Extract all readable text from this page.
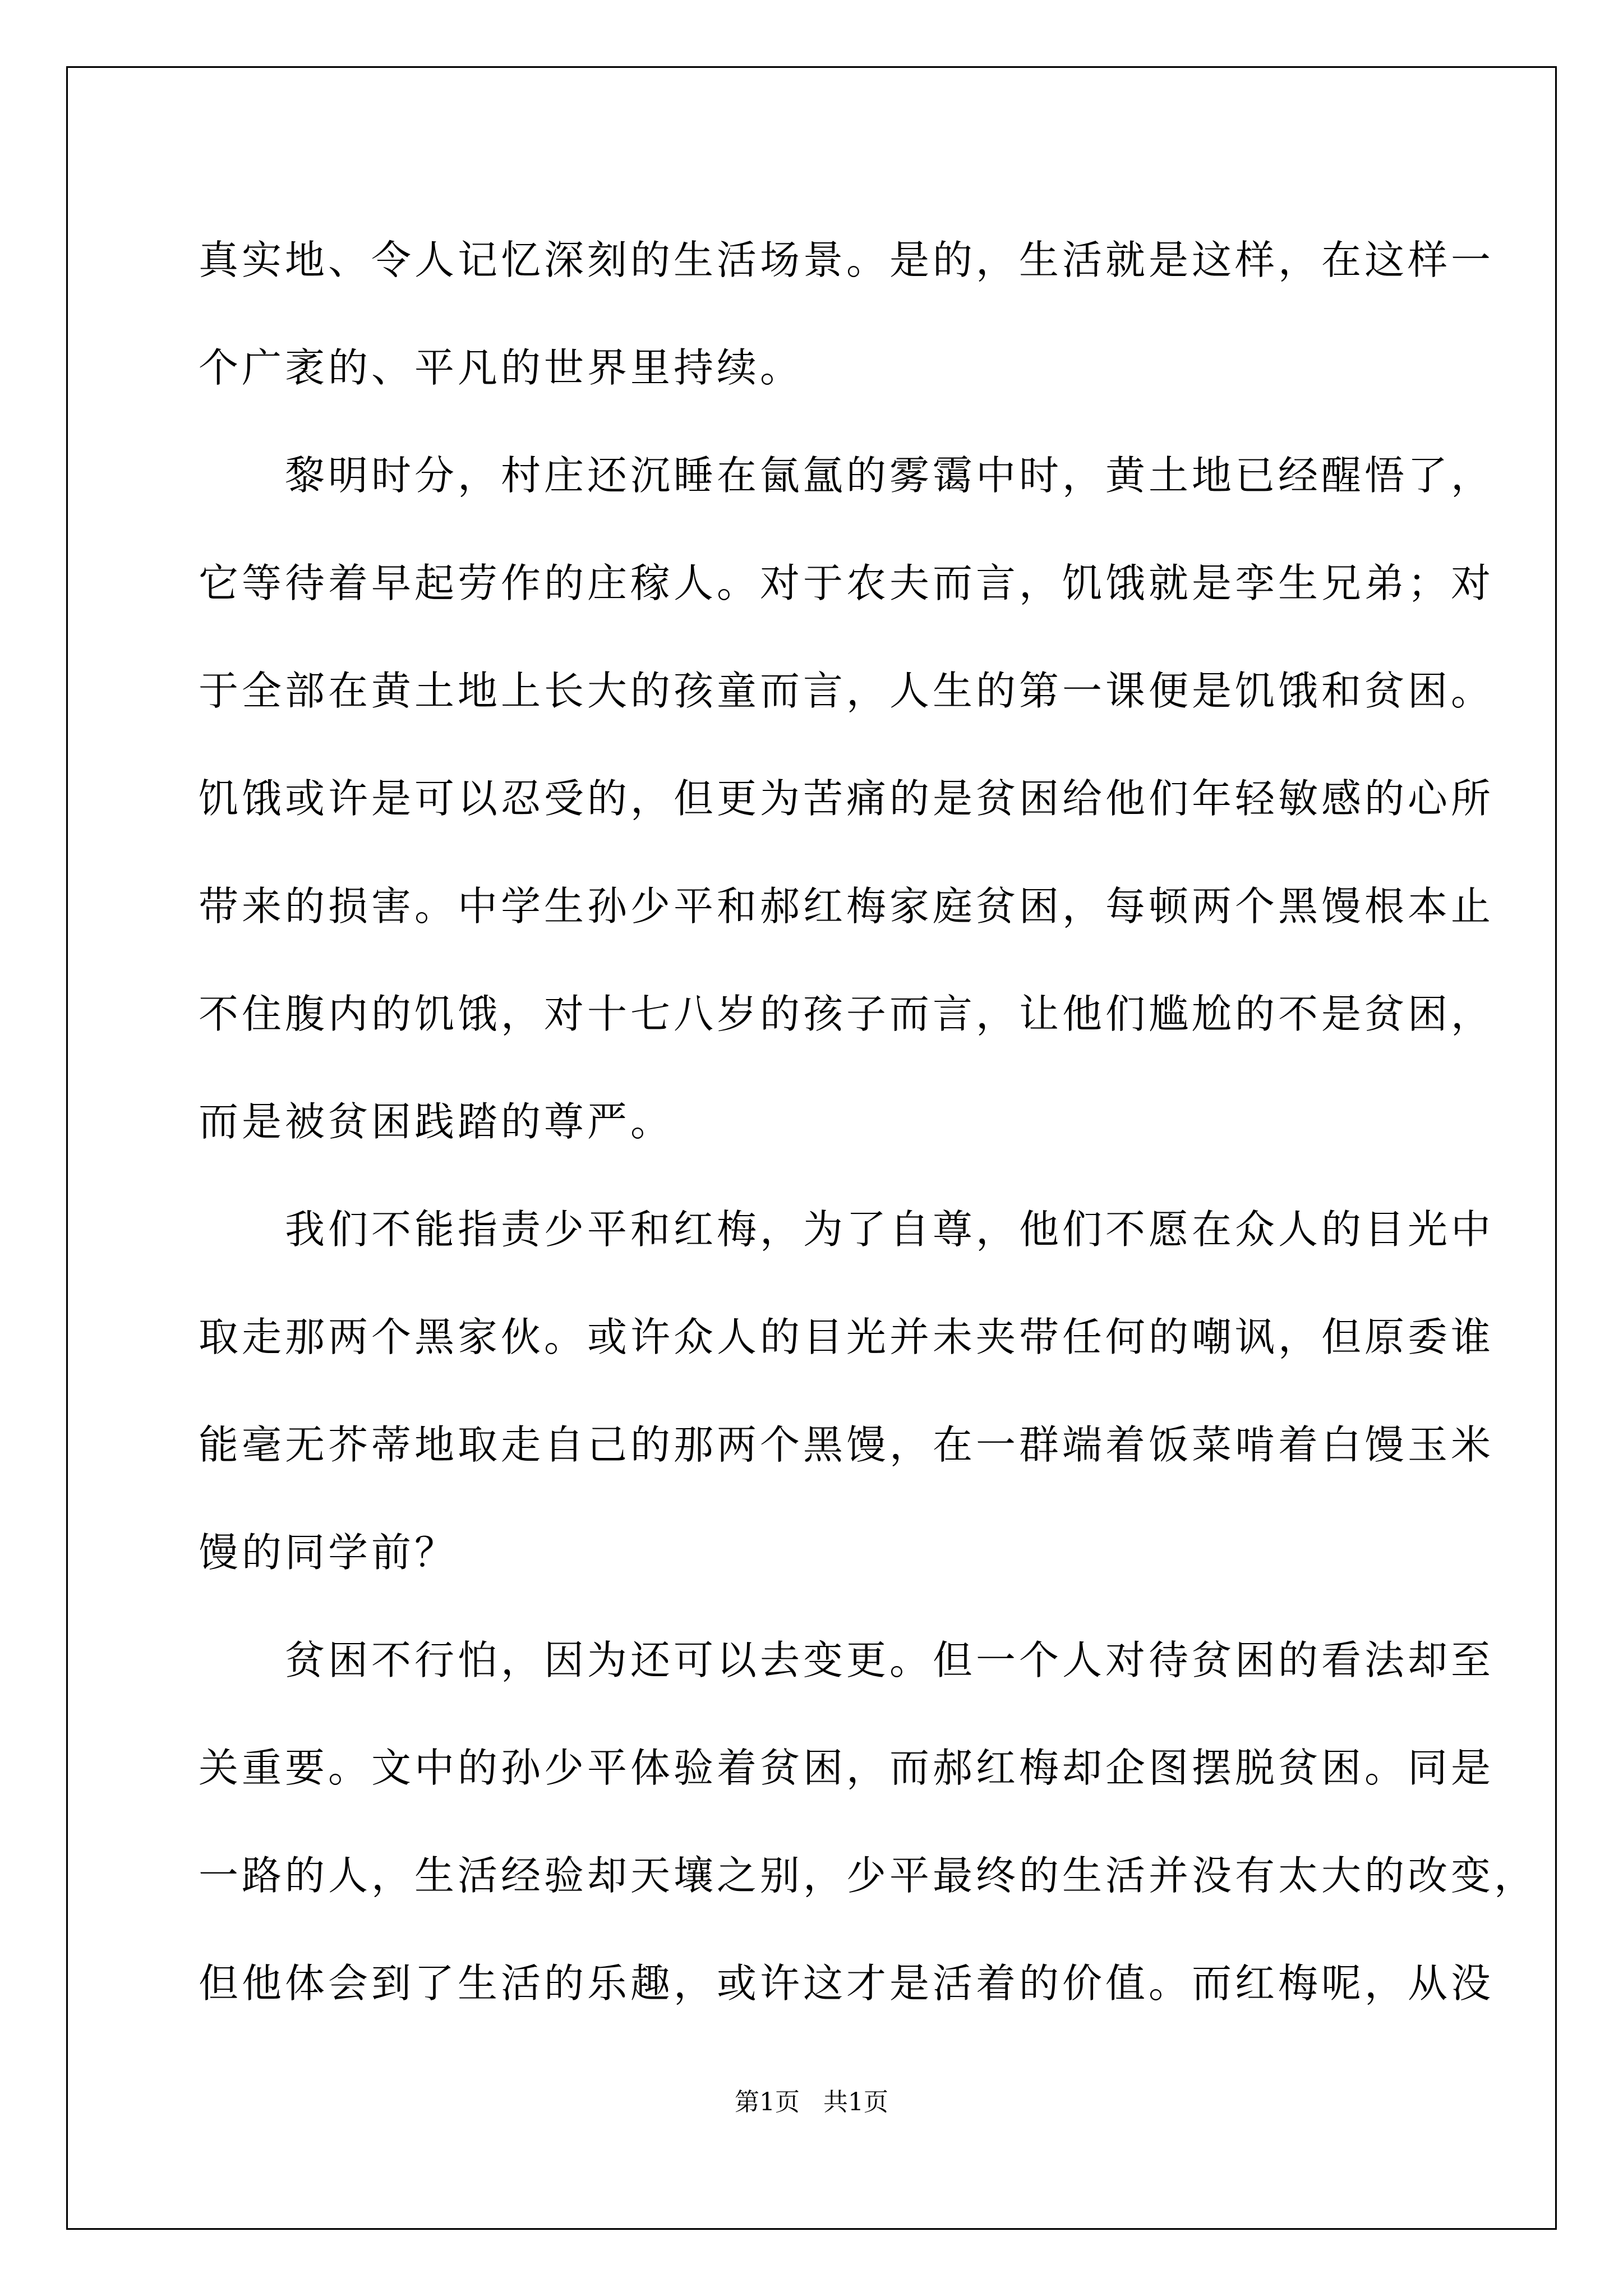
真实地、令人记忆深刻的生活场景。是的，生活就是这样，在这样一
个广袤的、平凡的世界里持续。
黎明时分，村庄还沉睡在氤氲的雾霭中时，黄土地已经醒悟了，
它等待着早起劳作的庄稼人。对于农夫而言，饥饿就是孪生兄弟；对
于全部在黄土地上长大的孩童而言，人生的第一课便是饥饿和贫困。
饥饿或许是可以忍受的，但更为苦痛的是贫困给他们年轻敏感的心所
带来的损害。中学生孙少平和郝红梅家庭贫困，每顿两个黑馒根本止
不住腹内的饥饿，对十七八岁的孩子而言，让他们尴尬的不是贫困，
而是被贫困践踏的尊严。
我们不能指责少平和红梅，为了自尊，他们不愿在众人的目光中
取走那两个黑家伙。或许众人的目光并未夹带任何的嘲讽，但原委谁
能毫无芥蒂地取走自己的那两个黑馒，在一群端着饭菜啃着白馒玉米
馒的同学前？
贫困不行怕，因为还可以去变更。但一个人对待贫困的看法却至
关重要。文中的孙少平体验着贫困，而郝红梅却企图摆脱贫困。同是
一路的人，生活经验却天壤之别，少平最终的生活并没有太大的改变，
但他体会到了生活的乐趣，或许这才是活着的价值。而红梅呢，从没
第1页   共1页
